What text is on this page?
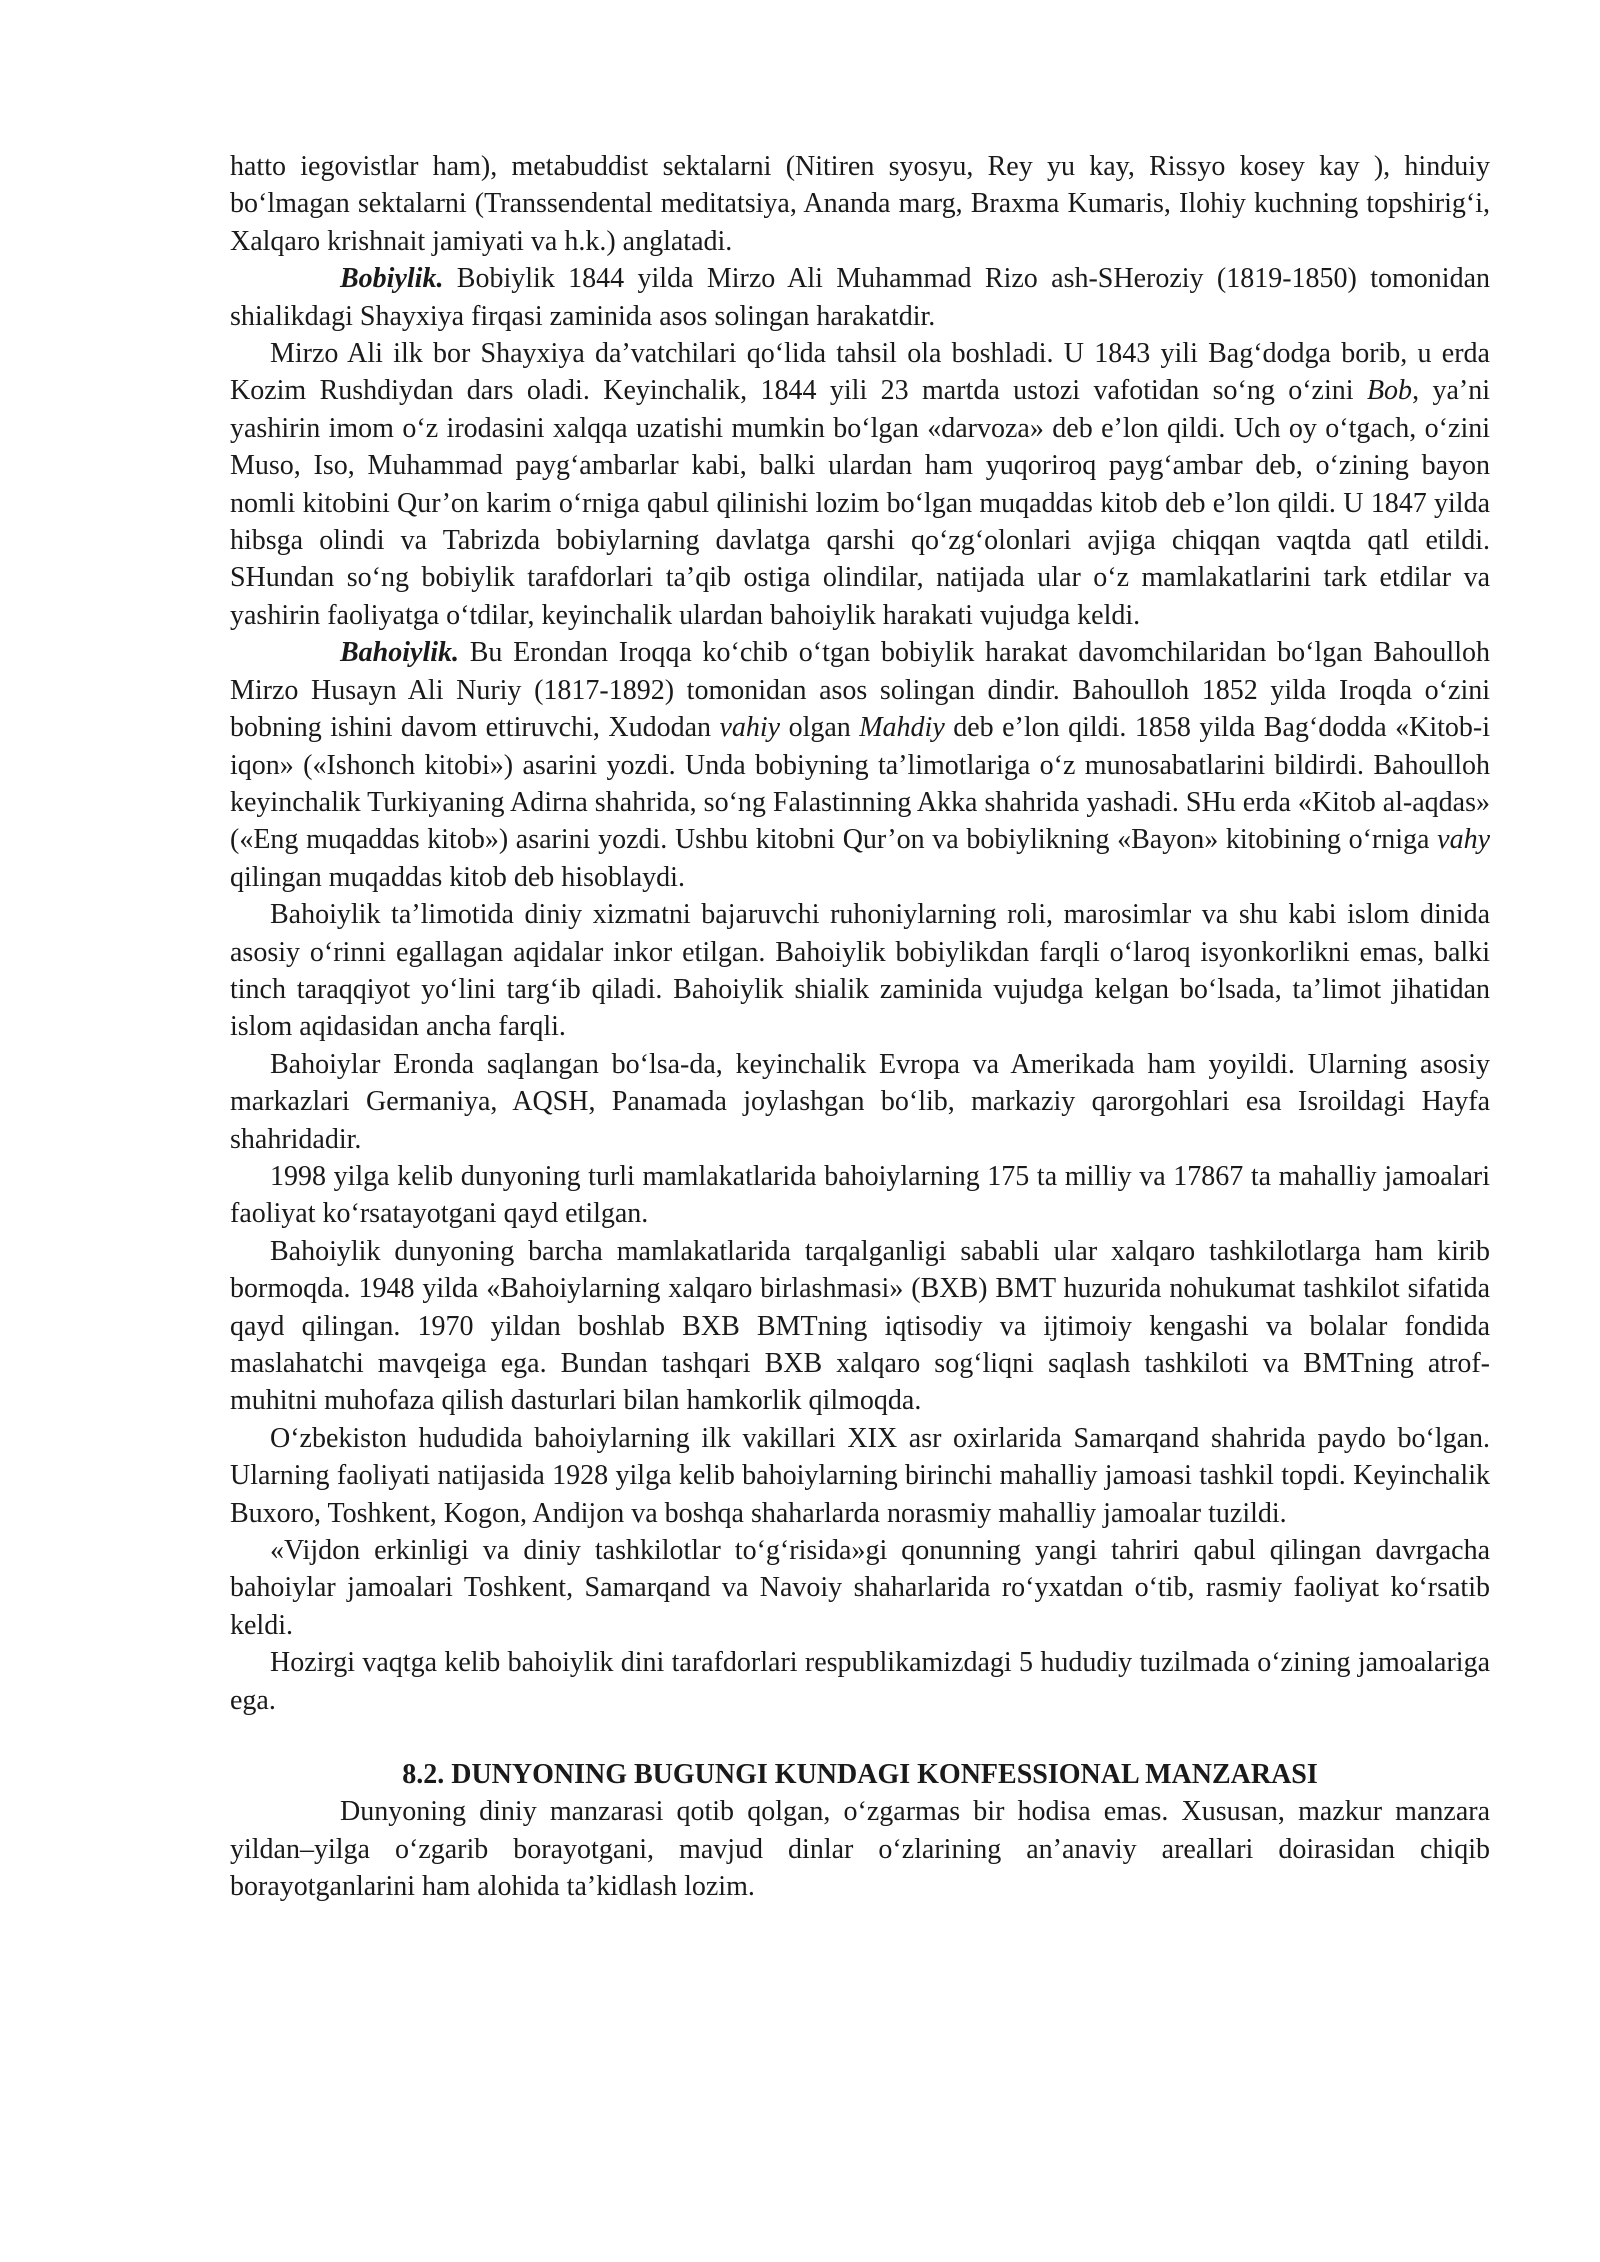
hatto iegovistlar ham), metabuddist sektalarni (Nitiren syosyu, Rey yu kay, Rissyo kosey kay ), hinduiy bo‘lmagan sektalarni (Transsendental meditatsiya, Ananda marg, Braxma Kumaris, Ilohiy kuchning topshirig‘i, Xalqaro krishnait jamiyati va h.k.) anglatadi.

Bobiylik. Bobiylik 1844 yilda Mirzo Ali Muhammad Rizo ash-SHeroziy (1819-1850) tomonidan shialikdagi Shayxiya firqasi zaminida asos solingan harakatdir.

Mirzo Ali ilk bor Shayxiya da’vatchilari qo‘lida tahsil ola boshladi. U 1843 yili Bag‘dodga borib, u erda Kozim Rushdiydan dars oladi. Keyinchalik, 1844 yili 23 martda ustozi vafotidan so‘ng o‘zini Bob, ya’ni yashirin imom o‘z irodasini xalqqa uzatishi mumkin bo‘lgan «darvoza» deb e’lon qildi. Uch oy o‘tgach, o‘zini Muso, Iso, Muhammad payg‘ambarlar kabi, balki ulardan ham yuqoriroq payg‘ambar deb, o‘zining bayon nomli kitobini Qur’on karim o‘rniga qabul qilinishi lozim bo‘lgan muqaddas kitob deb e’lon qildi. U 1847 yilda hibsga olindi va Tabrizda bobiylarning davlatga qarshi qo‘zg‘olonlari avjiga chiqqan vaqtda qatl etildi. SHundan so‘ng bobiylik tarafdorlari ta’qib ostiga olindilar, natijada ular o‘z mamlakatlarini tark etdilar va yashirin faoliyatga o‘tdilar, keyinchalik ulardan bahoiylik harakati vujudga keldi.

Bahoiylik. Bu Erondan Iroqqa ko‘chib o‘tgan bobiylik harakat davomchilaridan bo‘lgan Bahoulloh Mirzo Husayn Ali Nuriy (1817-1892) tomonidan asos solingan dindir. Bahoulloh 1852 yilda Iroqda o‘zini bobning ishini davom ettiruvchi, Xudodan vahiy olgan Mahdiy deb e’lon qildi. 1858 yilda Bag‘dodda «Kitob-i iqon» («Ishonch kitobi») asarini yozdi. Unda bobiyning ta’limotlariga o‘z munosabatlarini bildirdi. Bahoulloh keyinchalik Turkiyaning Adirna shahrida, so‘ng Falastinning Akka shahrida yashadi. SHu erda «Kitob al-aqdas» («Eng muqaddas kitob») asarini yozdi. Ushbu kitobni Qur’on va bobiylikning «Bayon» kitobining o‘rniga vahy qilingan muqaddas kitob deb hisoblaydi.

Bahoiylik ta’limotida diniy xizmatni bajaruvchi ruhoniylarning roli, marosimlar va shu kabi islom dinida asosiy o‘rinni egallagan aqidalar inkor etilgan. Bahoiylik bobiylikdan farqli o‘laroq isyonkorlikni emas, balki tinch taraqqiyot yo‘lini targ‘ib qiladi. Bahoiylik shialik zaminida vujudga kelgan bo‘lsada, ta’limot jihatidan islom aqidasidan ancha farqli.

Bahoiylar Eronda saqlangan bo‘lsa-da, keyinchalik Evropa va Amerikada ham yoyildi. Ularning asosiy markazlari Germaniya, AQSH, Panamada joylashgan bo‘lib, markaziy qarorgohlari esa Isroildagi Hayfa shahridadir.

1998 yilga kelib dunyoning turli mamlakatlarida bahoiylarning 175 ta milliy va 17867 ta mahalliy jamoalari faoliyat ko‘rsatayotgani qayd etilgan.

Bahoiylik dunyoning barcha mamlakatlarida tarqalganligi sababli ular xalqaro tashkilotlarga ham kirib bormoqda. 1948 yilda «Bahoiylarning xalqaro birlashmasi» (BXB) BMT huzurida nohukumat tashkilot sifatida qayd qilingan. 1970 yildan boshlab BXB BMTning iqtisodiy va ijtimoiy kengashi va bolalar fondida maslahatchi mavqeiga ega. Bundan tashqari BXB xalqaro sog‘liqni saqlash tashkiloti va BMTning atrof-muhitni muhofaza qilish dasturlari bilan hamkorlik qilmoqda.

O‘zbekiston hududida bahoiylarning ilk vakillari XIX asr oxirlarida Samarqand shahrida paydo bo‘lgan. Ularning faoliyati natijasida 1928 yilga kelib bahoiylarning birinchi mahalliy jamoasi tashkil topdi. Keyinchalik Buxoro, Toshkent, Kogon, Andijon va boshqa shaharlarda norasmiy mahalliy jamoalar tuzildi.

«Vijdon erkinligi va diniy tashkilotlar to‘g‘risida»gi qonunning yangi tahriri qabul qilingan davrgacha bahoiylar jamoalari Toshkent, Samarqand va Navoiy shaharlarida ro‘yxatdan o‘tib, rasmiy faoliyat ko‘rsatib keldi.

Hozirgi vaqtga kelib bahoiylik dini tarafdorlari respublikamizdagi 5 hududiy tuzilmada o‘zining jamoalariga ega.

8.2. DUNYONING BUGUNGI KUNDAGI KONFESSIONAL MANZARASI

Dunyoning diniy manzarasi qotib qolgan, o‘zgarmas bir hodisa emas. Xususan, mazkur manzara yildan–yilga o‘zgarib borayotgani, mavjud dinlar o‘zlarining an’anaviy areallari doirasidan chiqib borayotganlarini ham alohida ta’kidlash lozim.
